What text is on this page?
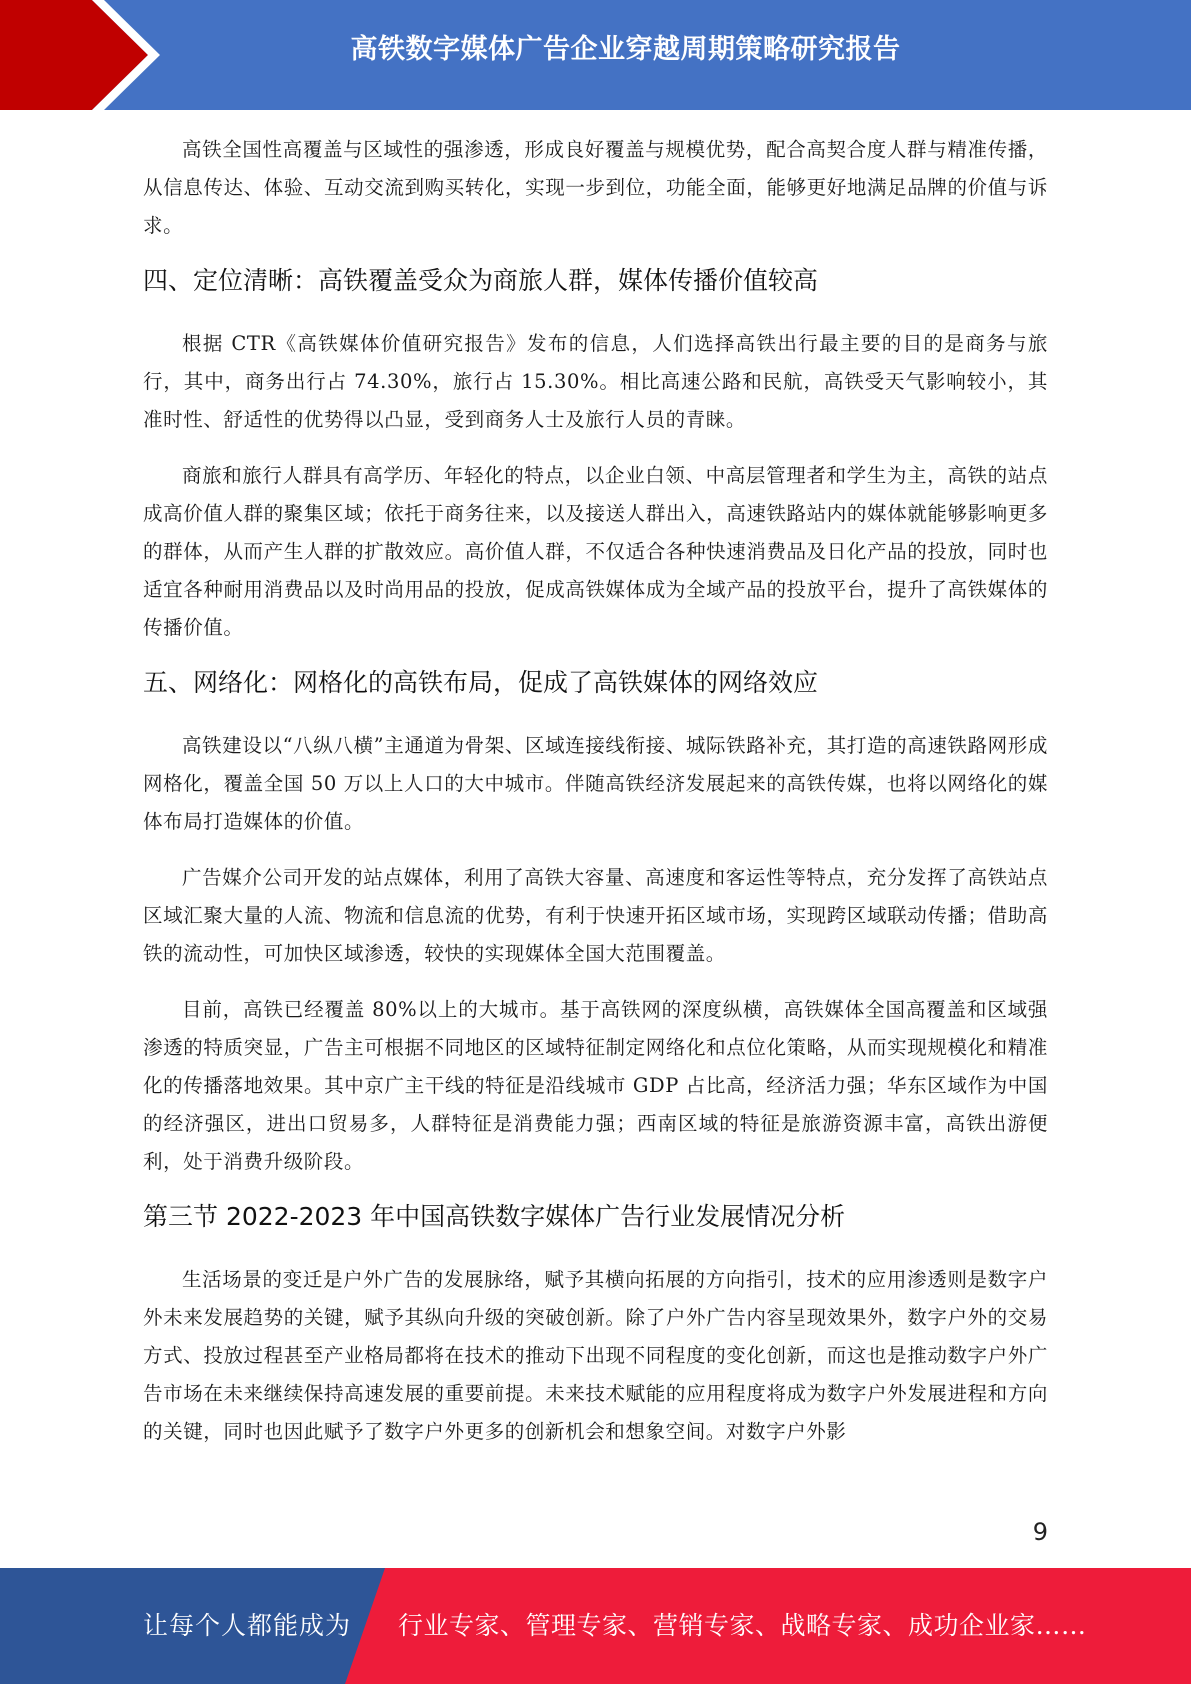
高铁数字媒体广告企业穿越周期策略研究报告

高铁全国性高覆盖与区域性的强渗透，形成良好覆盖与规模优势，配合高契合度人群与精准传播，从信息传达、体验、互动交流到购买转化，实现一步到位，功能全面，能够更好地满足品牌的价值与诉求。

四、定位清晰：高铁覆盖受众为商旅人群，媒体传播价值较高

根据 CTR《高铁媒体价值研究报告》发布的信息，人们选择高铁出行最主要的目的是商务与旅行，其中，商务出行占 74.30%，旅行占 15.30%。相比高速公路和民航，高铁受天气影响较小，其准时性、舒适性的优势得以凸显，受到商务人士及旅行人员的青睐。

商旅和旅行人群具有高学历、年轻化的特点，以企业白领、中高层管理者和学生为主，高铁的站点成高价值人群的聚集区域；依托于商务往来，以及接送人群出入，高速铁路站内的媒体就能够影响更多的群体，从而产生人群的扩散效应。高价值人群，不仅适合各种快速消费品及日化产品的投放，同时也适宜各种耐用消费品以及时尚用品的投放，促成高铁媒体成为全域产品的投放平台，提升了高铁媒体的传播价值。

五、网络化：网格化的高铁布局，促成了高铁媒体的网络效应

高铁建设以“八纵八横”主通道为骨架、区域连接线衔接、城际铁路补充，其打造的高速铁路网形成网格化，覆盖全国 50 万以上人口的大中城市。伴随高铁经济发展起来的高铁传媒，也将以网络化的媒体布局打造媒体的价值。

广告媒介公司开发的站点媒体，利用了高铁大容量、高速度和客运性等特点，充分发挥了高铁站点区域汇聚大量的人流、物流和信息流的优势，有利于快速开拓区域市场，实现跨区域联动传播；借助高铁的流动性，可加快区域渗透，较快的实现媒体全国大范围覆盖。

目前，高铁已经覆盖 80%以上的大城市。基于高铁网的深度纵横，高铁媒体全国高覆盖和区域强渗透的特质突显，广告主可根据不同地区的区域特征制定网络化和点位化策略，从而实现规模化和精准化的传播落地效果。其中京广主干线的特征是沿线城市 GDP 占比高，经济活力强；华东区域作为中国的经济强区，进出口贸易多，人群特征是消费能力强；西南区域的特征是旅游资源丰富，高铁出游便利，处于消费升级阶段。

第三节 2022-2023 年中国高铁数字媒体广告行业发展情况分析

生活场景的变迁是户外广告的发展脉络，赋予其横向拓展的方向指引，技术的应用渗透则是数字户外未来发展趋势的关键，赋予其纵向升级的突破创新。除了户外广告内容呈现效果外，数字户外的交易方式、投放过程甚至产业格局都将在技术的推动下出现不同程度的变化创新，而这也是推动数字户外广告市场在未来继续保持高速发展的重要前提。未来技术赋能的应用程度将成为数字户外发展进程和方向的关键，同时也因此赋予了数字户外更多的创新机会和想象空间。对数字户外影

9
让每个人都能成为 行业专家、管理专家、营销专家、战略专家、成功企业家……
